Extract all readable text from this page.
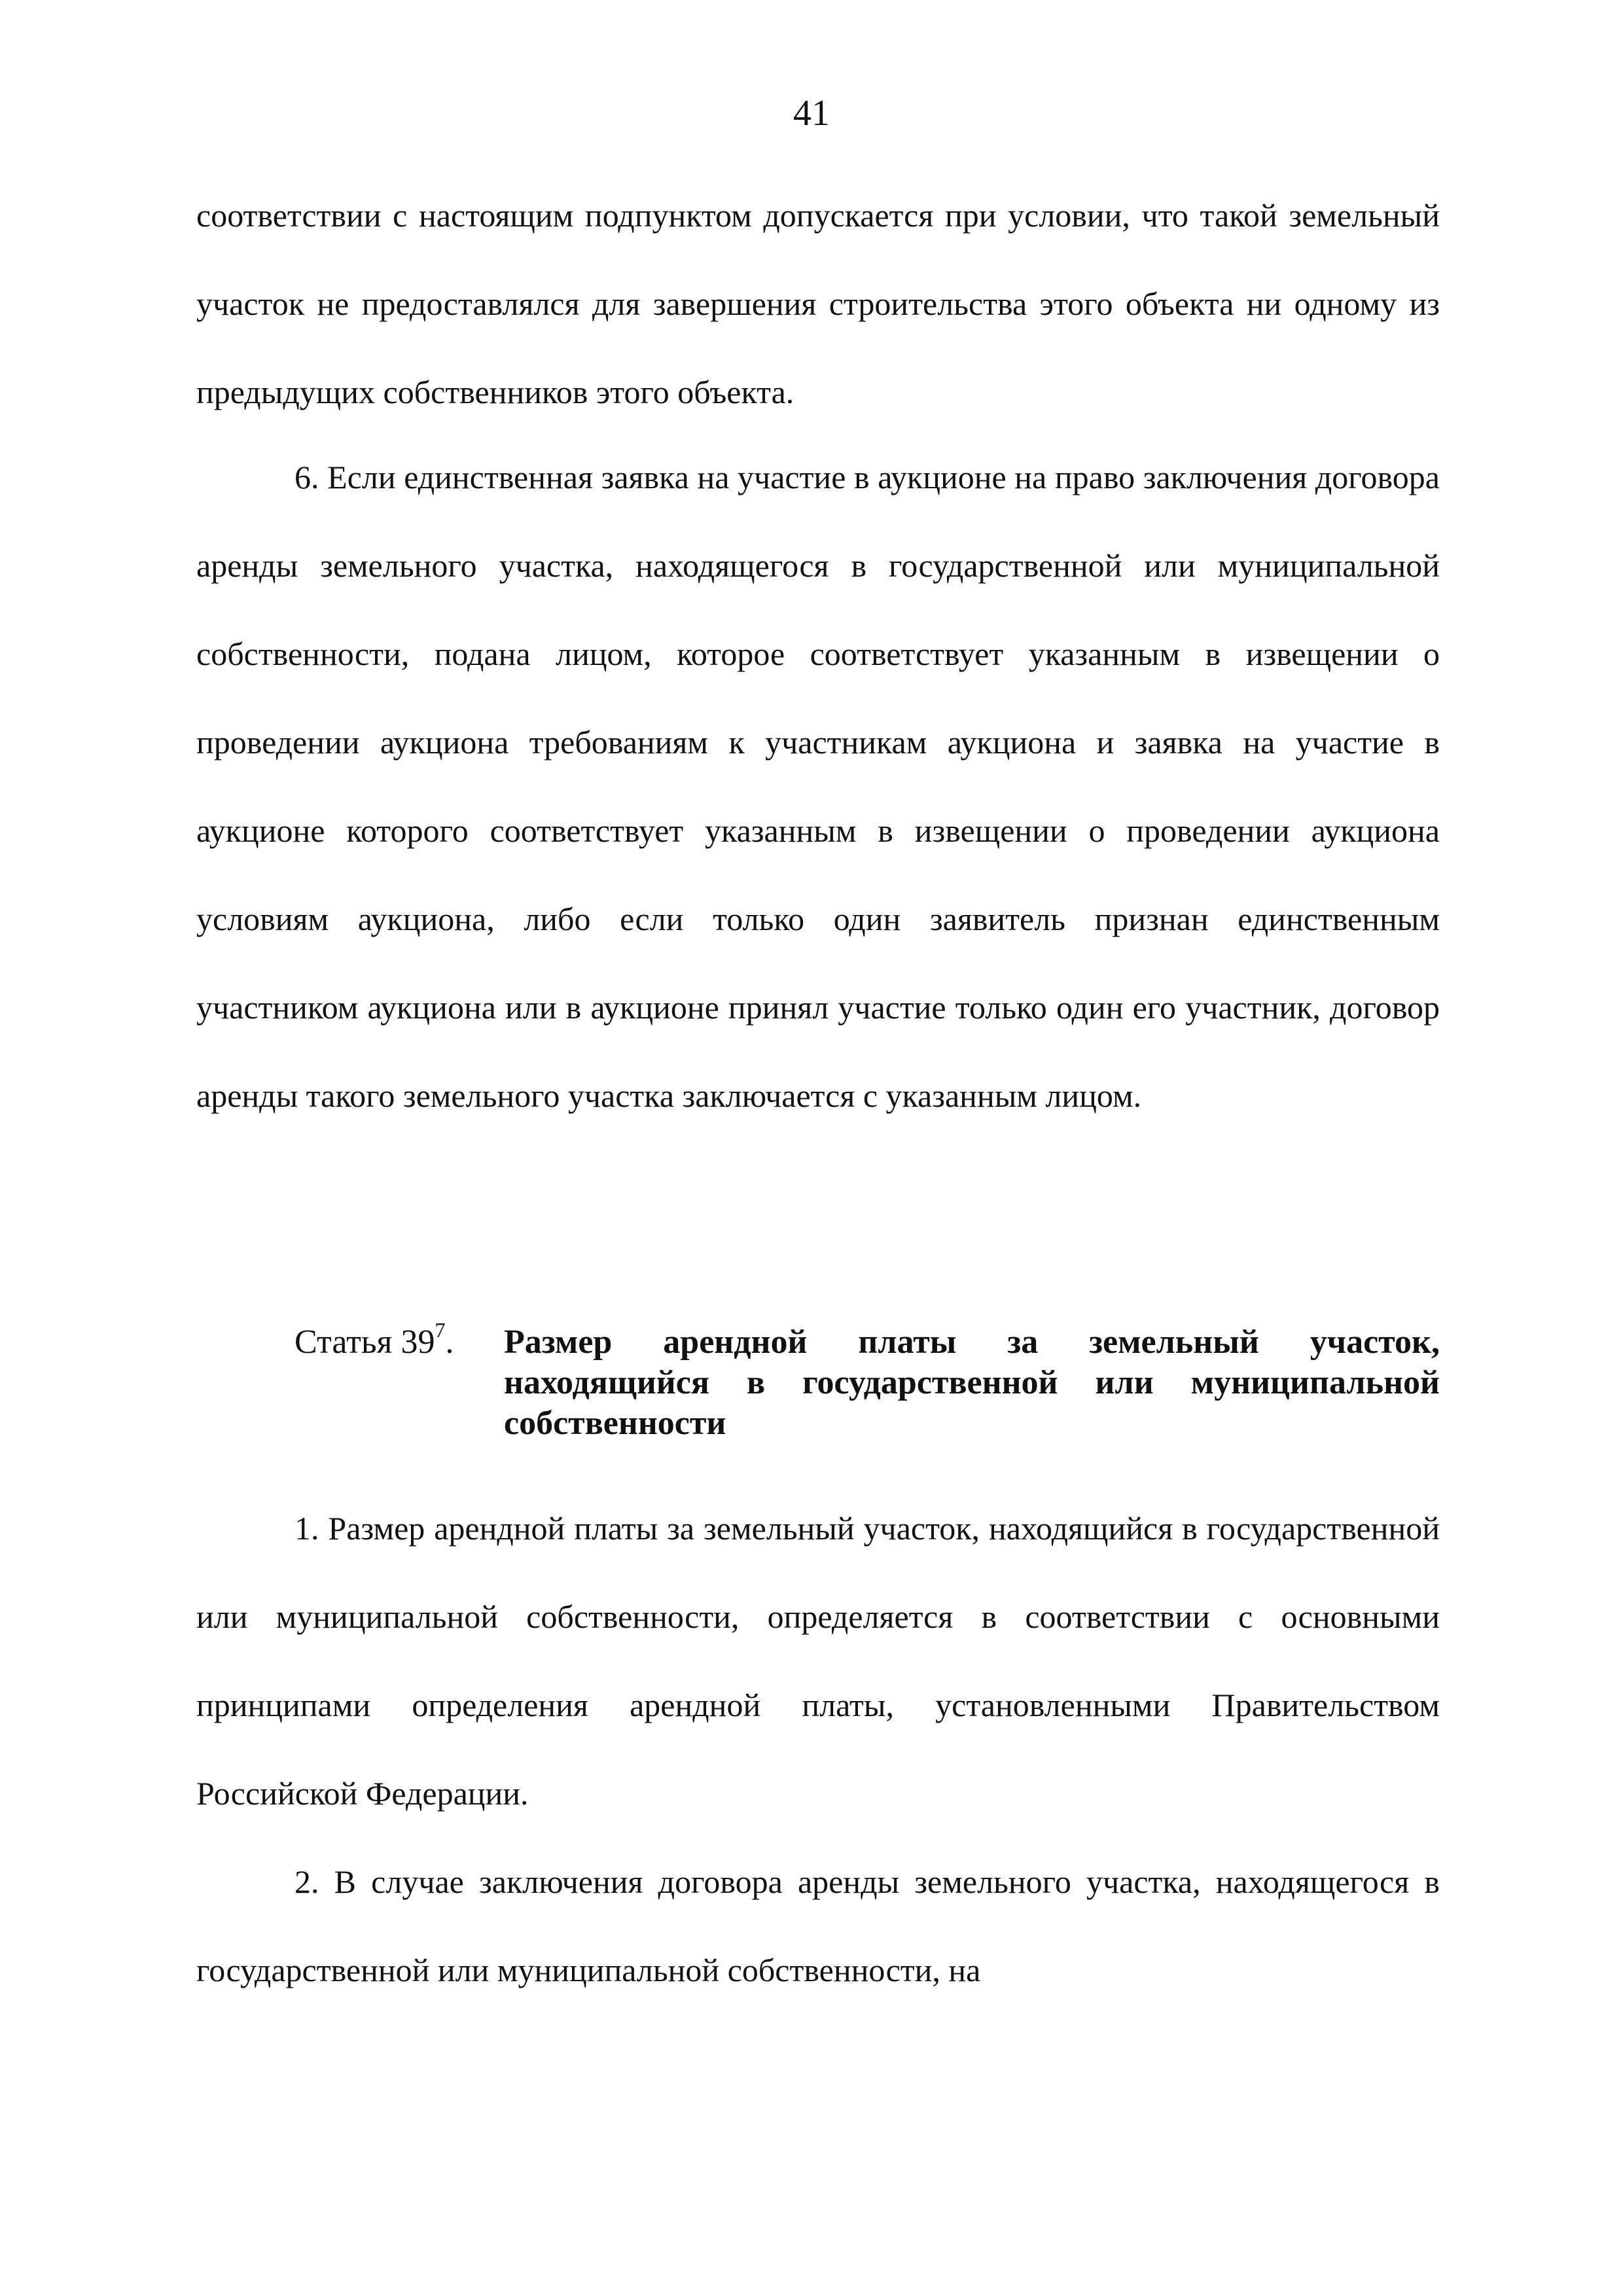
41

соответствии с настоящим подпунктом допускается при условии, что такой земельный участок не предоставлялся для завершения строительства этого объекта ни одному из предыдущих собственников этого объекта.

6. Если единственная заявка на участие в аукционе на право заключения договора аренды земельного участка, находящегося в государственной или муниципальной собственности, подана лицом, которое соответствует указанным в извещении о проведении аукциона требованиям к участникам аукциона и заявка на участие в аукционе которого соответствует указанным в извещении о проведении аукциона условиям аукциона, либо если только один заявитель признан единственным участником аукциона или в аукционе принял участие только один его участник, договор аренды такого земельного участка заключается с указанным лицом.

Статья $39^7$.	Размер арендной платы за земельный участок, находящийся в государственной или муниципальной собственности

1. Размер арендной платы за земельный участок, находящийся в государственной или муниципальной собственности, определяется в соответствии с основными принципами определения арендной платы, установленными Правительством Российской Федерации.

2. В случае заключения договора аренды земельного участка, находящегося в государственной или муниципальной собственности, на
